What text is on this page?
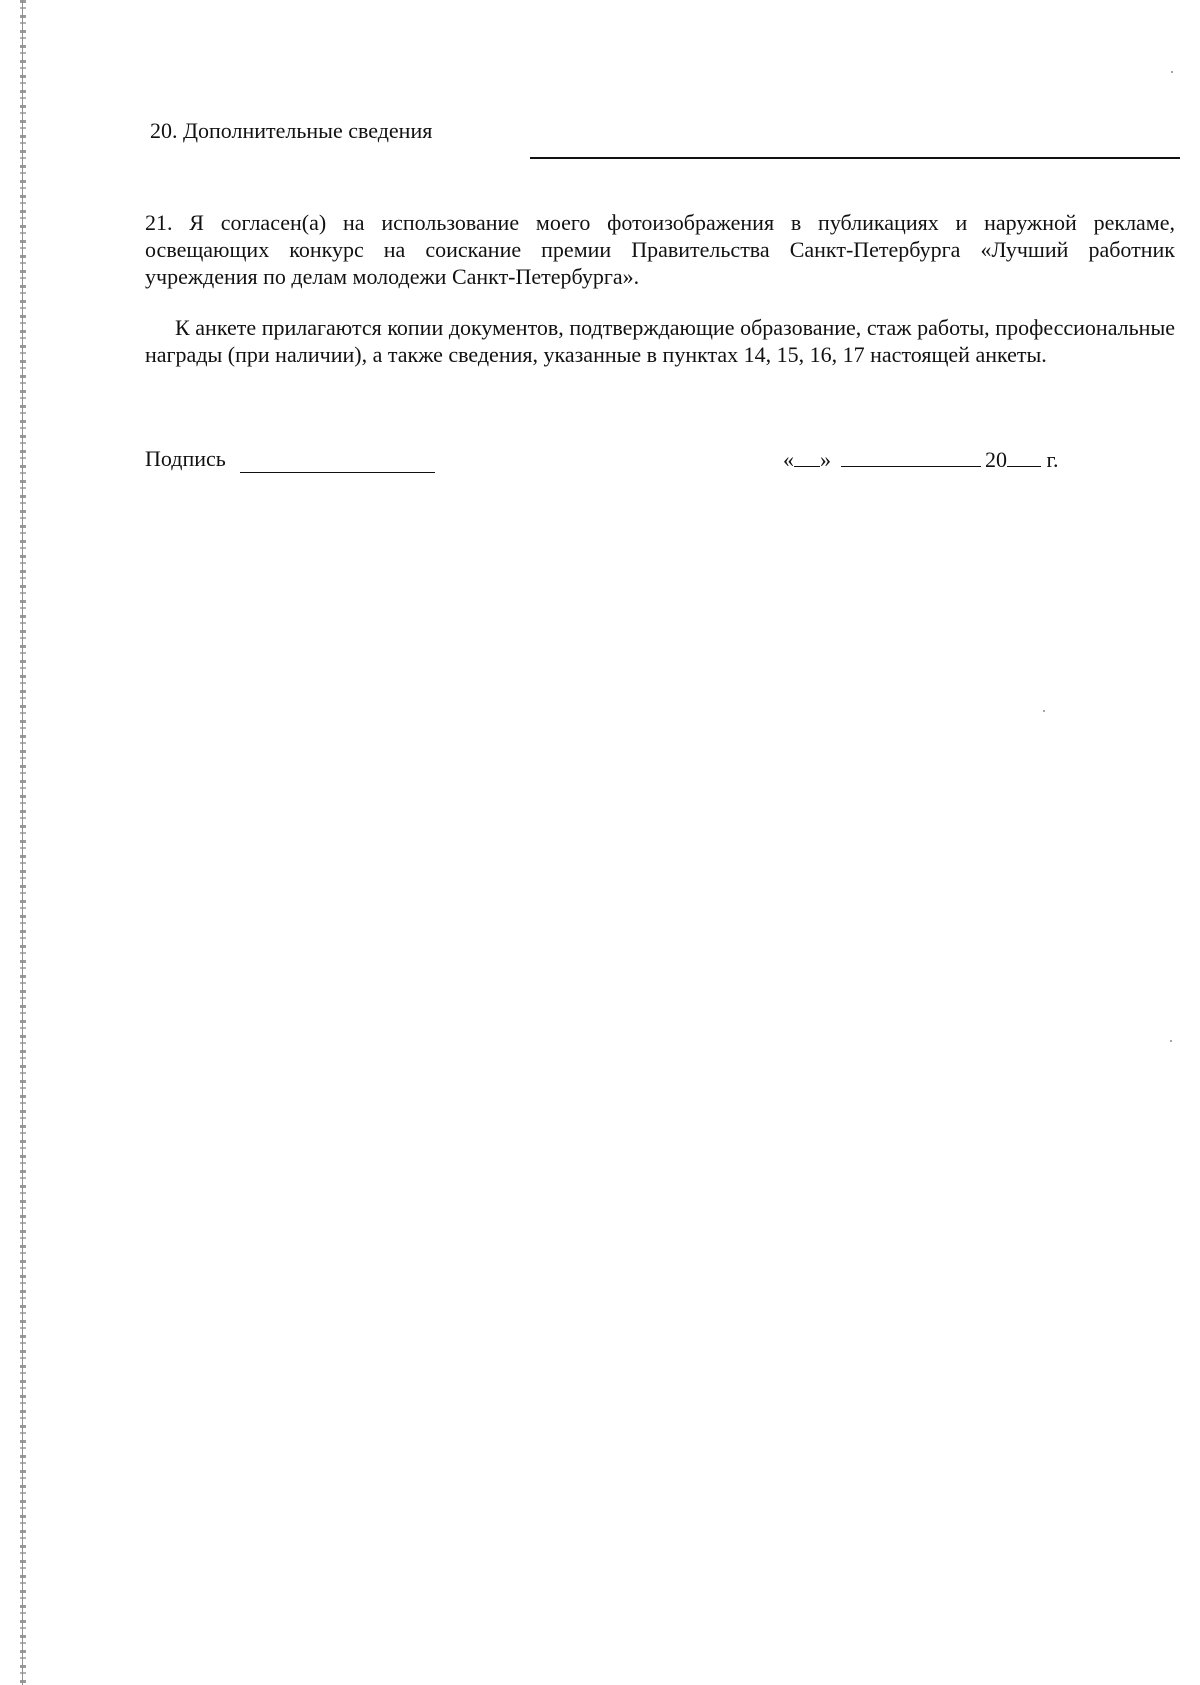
20. Дополнительные сведения
21. Я согласен(а) на использование моего фотоизображения в публикациях и наружной рекламе, освещающих конкурс на соискание премии Правительства Санкт-Петербурга «Лучший работник учреждения по делам молодежи Санкт-Петербурга».
К анкете прилагаются копии документов, подтверждающие образование, стаж работы, профессиональные награды (при наличии), а также сведения, указанные в пунктах 14, 15, 16, 17 настоящей анкеты.
Подпись	« »	20 г.
